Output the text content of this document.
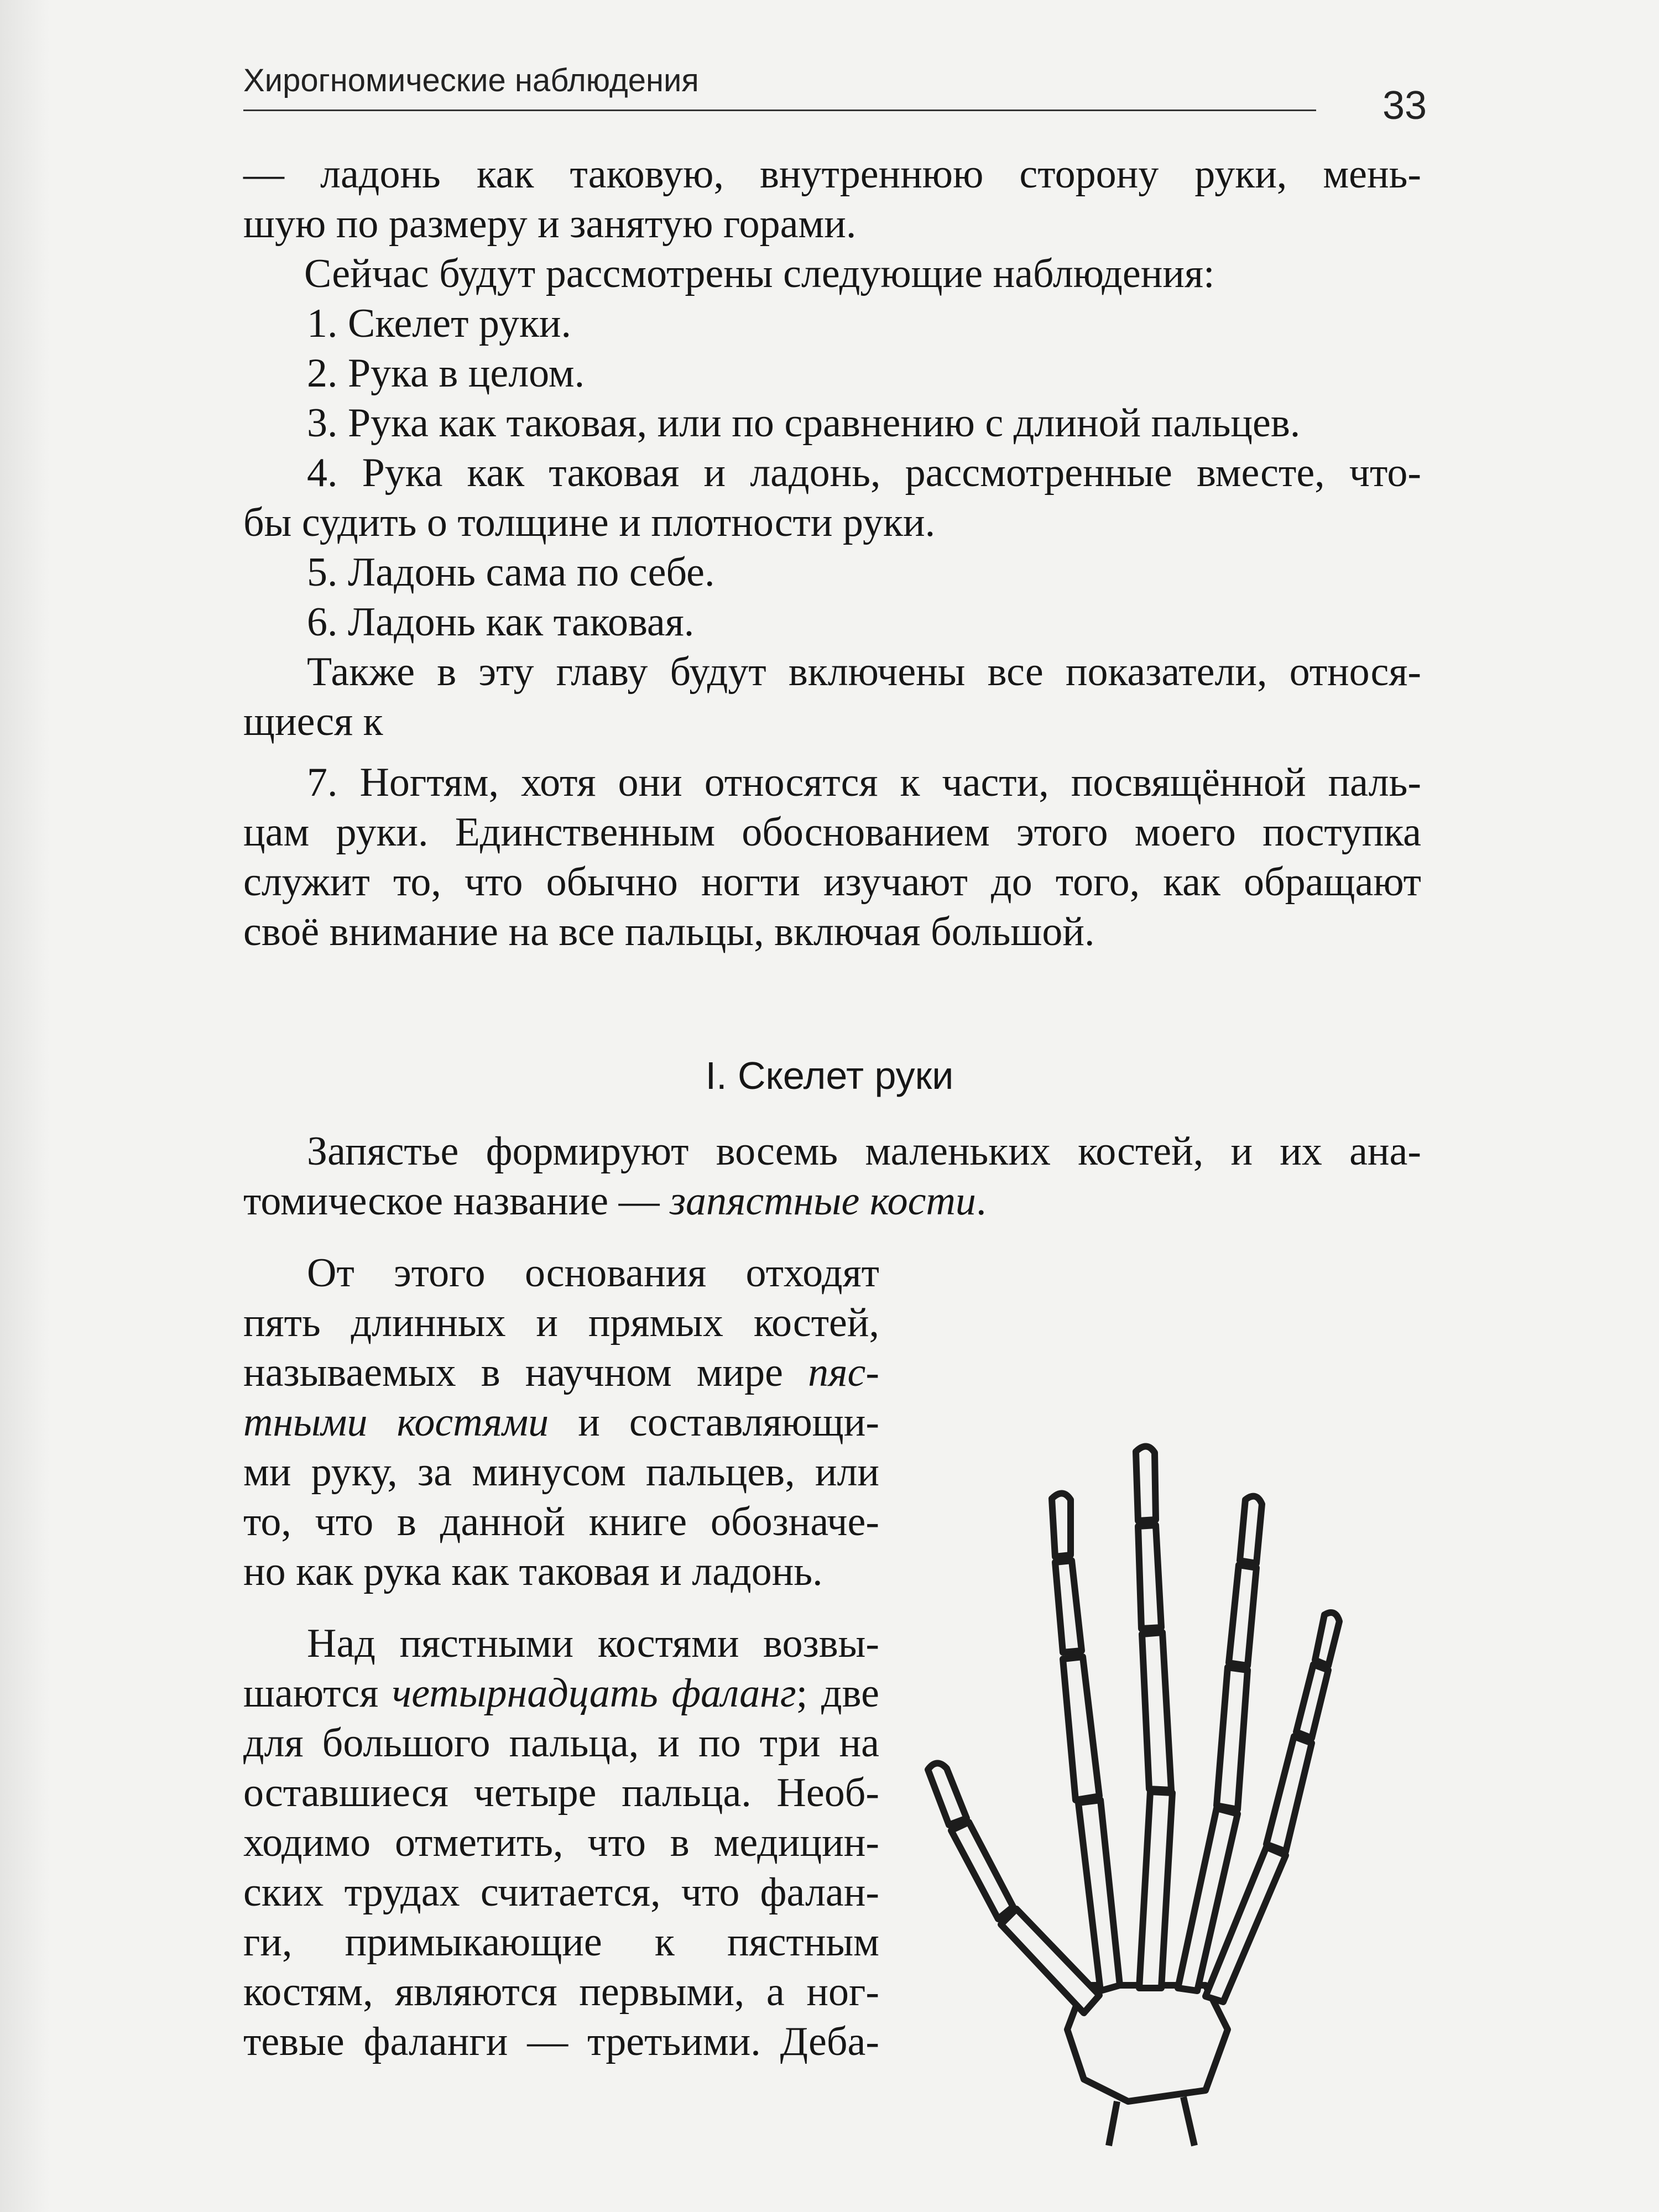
Хирогномические наблюдения
33
— ладонь как таковую, внутреннюю сторону руки, мень-
шую по размеру и занятую горами.
Сейчас будут рассмотрены следующие наблюдения:
1. Скелет руки.
2. Рука в целом.
3. Рука как таковая, или по сравнению с длиной пальцев.
4. Рука как таковая и ладонь, рассмотренные вместе, что-
бы судить о толщине и плотности руки.
5. Ладонь сама по себе.
6. Ладонь как таковая.
Также в эту главу будут включены все показатели, относя-
щиеся к
7. Ногтям, хотя они относятся к части, посвящённой паль-
цам руки. Единственным обоснованием этого моего поступка
служит то, что обычно ногти изучают до того, как обращают
своё внимание на все пальцы, включая большой.
I. Скелет руки
Запястье формируют восемь маленьких костей, и их ана-
томическое название — запястные кости.
От этого основания отходят
пять длинных и прямых костей,
называемых в научном мире пяс-
тными костями и составляющи-
ми руку, за минусом пальцев, или
то, что в данной книге обозначе-
но как рука как таковая и ладонь.
Над пястными костями возвы-
шаются четырнадцать фаланг; две
для большого пальца, и по три на
оставшиеся четыре пальца. Необ-
ходимо отметить, что в медицин-
ских трудах считается, что фалан-
ги, примыкающие к пястным
костям, являются первыми, а ног-
тевые фаланги — третьими. Деба-
